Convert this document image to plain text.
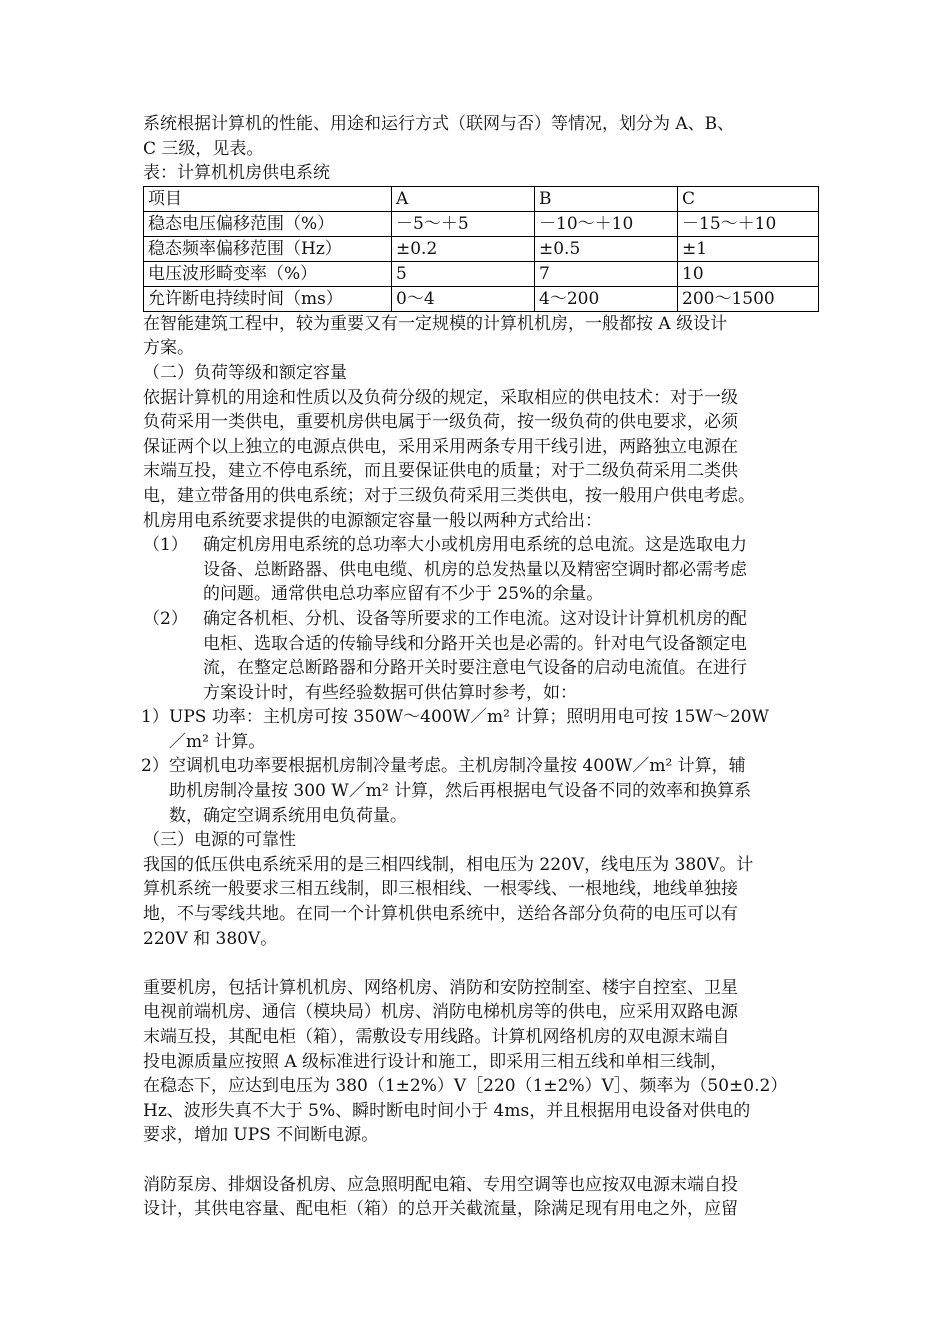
系统根据计算机的性能、用途和运行方式（联网与否）等情况，划分为 A、B、

C 三级，见表。

表：计算机机房供电系统

项目	A	B	C
稳态电压偏移范围（%）	－5～＋5	－10～＋10	－15～＋10
稳态频率偏移范围（Hz）	±0.2	±0.5	±1
电压波形畸变率（%）	5	7	10
允许断电持续时间（ms）	0～4	4～200	200～1500

在智能建筑工程中，较为重要又有一定规模的计算机机房，一般都按 A 级设计

方案。

（二）负荷等级和额定容量

依据计算机的用途和性质以及负荷分级的规定，采取相应的供电技术：对于一级

负荷采用一类供电，重要机房供电属于一级负荷，按一级负荷的供电要求，必须

保证两个以上独立的电源点供电，采用采用两条专用干线引进，两路独立电源在

末端互投，建立不停电系统，而且要保证供电的质量；对于二级负荷采用二类供

电，建立带备用的供电系统；对于三级负荷采用三类供电，按一般用户供电考虑。

机房用电系统要求提供的电源额定容量一般以两种方式给出：

（1） 确定机房用电系统的总功率大小或机房用电系统的总电流。这是选取电力

设备、总断路器、供电电缆、机房的总发热量以及精密空调时都必需考虑

的问题。通常供电总功率应留有不少于 25%的余量。

（2） 确定各机柜、分机、设备等所要求的工作电流。这对设计计算机机房的配

电柜、选取合适的传输导线和分路开关也是必需的。针对电气设备额定电

流，在整定总断路器和分路开关时要注意电气设备的启动电流值。在进行

方案设计时，有些经验数据可供估算时参考，如：

1） UPS 功率：主机房可按 350W～400W／m² 计算；照明用电可按 15W～20W

／m² 计算。

2） 空调机电功率要根据机房制冷量考虑。主机房制冷量按 400W／m² 计算，辅

助机房制冷量按 300 W／m² 计算，然后再根据电气设备不同的效率和换算系

数，确定空调系统用电负荷量。

（三）电源的可靠性

我国的低压供电系统采用的是三相四线制，相电压为 220V，线电压为 380V。计

算机系统一般要求三相五线制，即三根相线、一根零线、一根地线，地线单独接

地，不与零线共地。在同一个计算机供电系统中，送给各部分负荷的电压可以有

220V 和 380V。

重要机房，包括计算机机房、网络机房、消防和安防控制室、楼宇自控室、卫星

电视前端机房、通信（模块局）机房、消防电梯机房等的供电，应采用双路电源

末端互投，其配电柜（箱），需敷设专用线路。计算机网络机房的双电源末端自

投电源质量应按照 A 级标准进行设计和施工，即采用三相五线和单相三线制，

在稳态下，应达到电压为 380（1±2%）V［220（1±2%）V］、频率为（50±0.2）

Hz、波形失真不大于 5%、瞬时断电时间小于 4ms，并且根据用电设备对供电的

要求，增加 UPS 不间断电源。

消防泵房、排烟设备机房、应急照明配电箱、专用空调等也应按双电源末端自投

设计，其供电容量、配电柜（箱）的总开关截流量，除满足现有用电之外，应留
